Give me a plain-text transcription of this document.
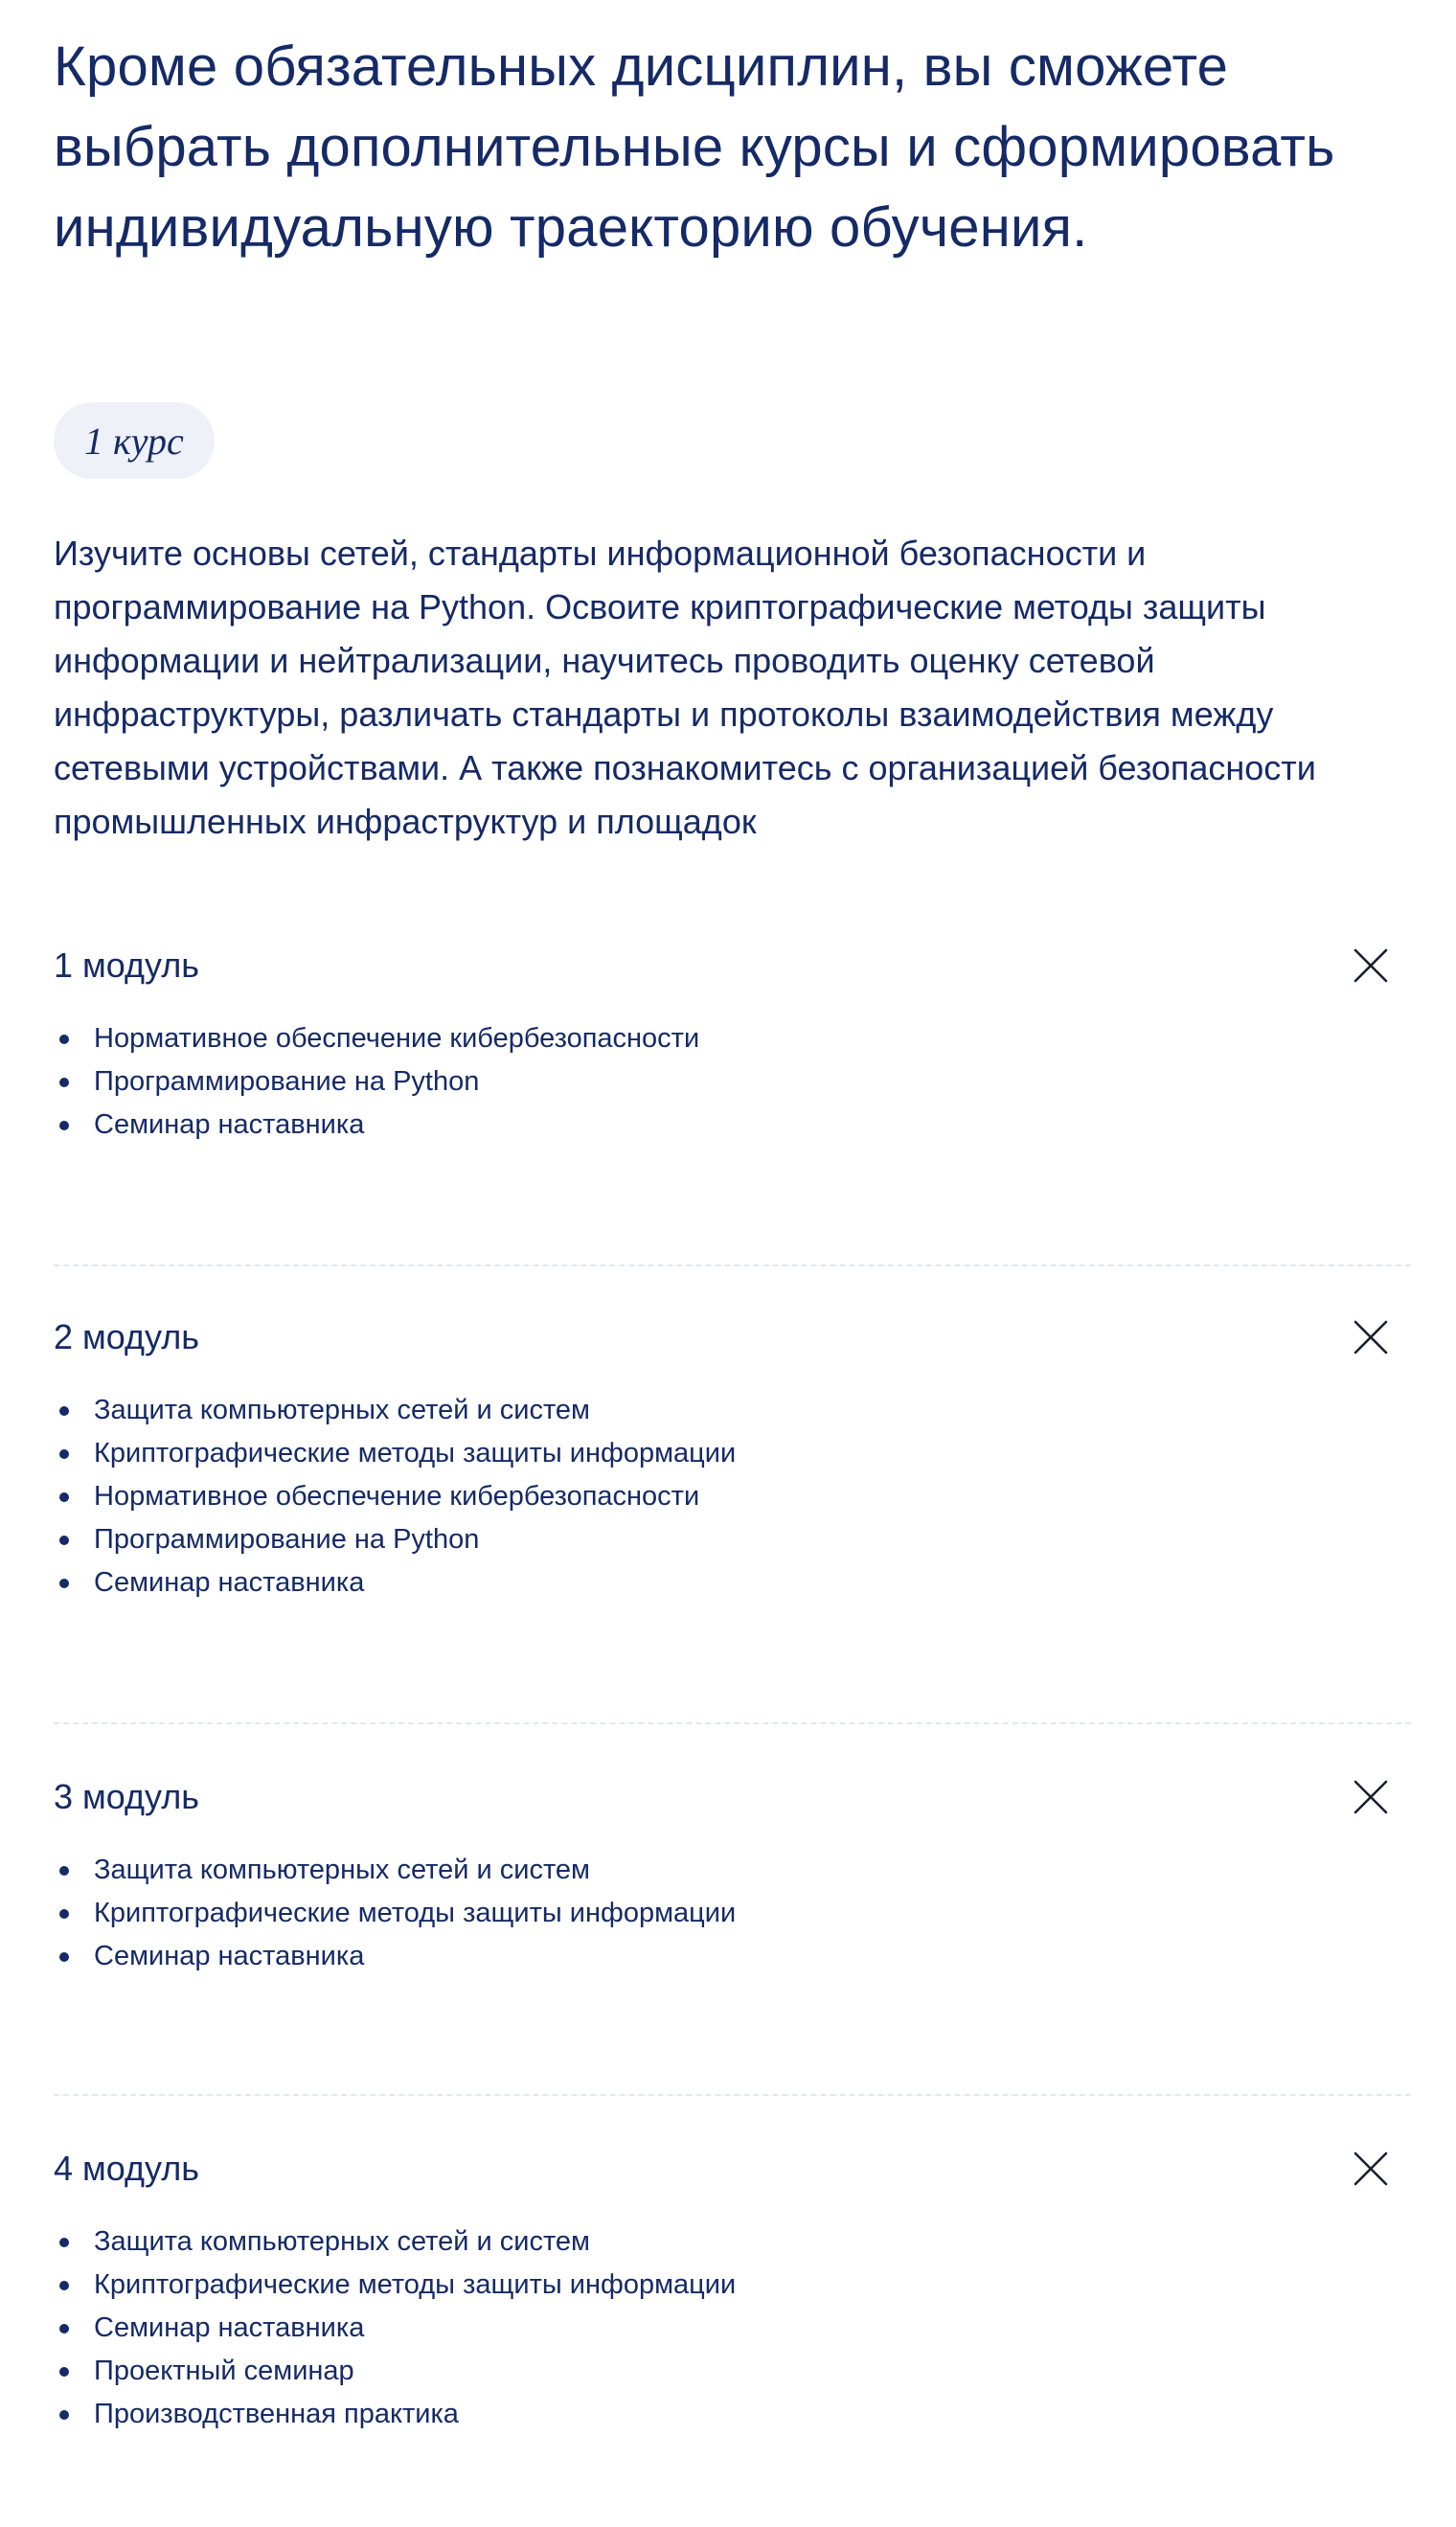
Кроме обязательных дисциплин, вы сможете выбрать дополнительные курсы и сформировать индивидуальную траекторию обучения.
1 курс

Изучите основы сетей, стандарты информационной безопасности и программирование на Python. Освоите криптографические методы защиты информации и нейтрализации, научитесь проводить оценку сетевой инфраструктуры, различать стандарты и протоколы взаимодействия между сетевыми устройствами. А также познакомитесь с организацией безопасности промышленных инфраструктур и площадок

1 модуль
Нормативное обеспечение кибербезопасности
Программирование на Python
Семинар наставника
2 модуль
Защита компьютерных сетей и систем
Криптографические методы защиты информации
Нормативное обеспечение кибербезопасности
Программирование на Python
Семинар наставника
3 модуль
Защита компьютерных сетей и систем
Криптографические методы защиты информации
Семинар наставника
4 модуль
Защита компьютерных сетей и систем
Криптографические методы защиты информации
Семинар наставника
Проектный семинар
Производственная практика
